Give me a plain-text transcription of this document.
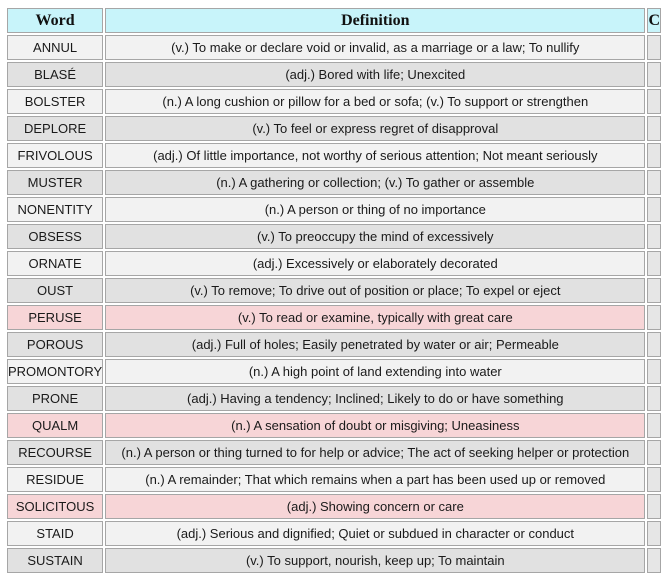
Word	Definition	C
ANNUL	(v.) To make or declare void or invalid, as a marriage or a law; To nullify	
BLASÉ	(adj.) Bored with life; Unexcited	
BOLSTER	(n.) A long cushion or pillow for a bed or sofa; (v.) To support or strengthen	
DEPLORE	(v.) To feel or express regret of disapproval	
FRIVOLOUS	(adj.) Of little importance, not worthy of serious attention; Not meant seriously	
MUSTER	(n.) A gathering or collection; (v.) To gather or assemble	
NONENTITY	(n.) A person or thing of no importance	
OBSESS	(v.) To preoccupy the mind of excessively	
ORNATE	(adj.) Excessively or elaborately decorated	
OUST	(v.) To remove; To drive out of position or place; To expel or eject	
PERUSE	(v.) To read or examine, typically with great care	
POROUS	(adj.) Full of holes; Easily penetrated by water or air; Permeable	
PROMONTORY	(n.) A high point of land extending into water	
PRONE	(adj.) Having a tendency; Inclined; Likely to do or have something	
QUALM	(n.) A sensation of doubt or misgiving; Uneasiness	
RECOURSE	(n.) A person or thing turned to for help or advice; The act of seeking helper or protection	
RESIDUE	(n.) A remainder; That which remains when a part has been used up or removed	
SOLICITOUS	(adj.) Showing concern or care	
STAID	(adj.) Serious and dignified; Quiet or subdued in character or conduct	
SUSTAIN	(v.) To support, nourish, keep up; To maintain	
